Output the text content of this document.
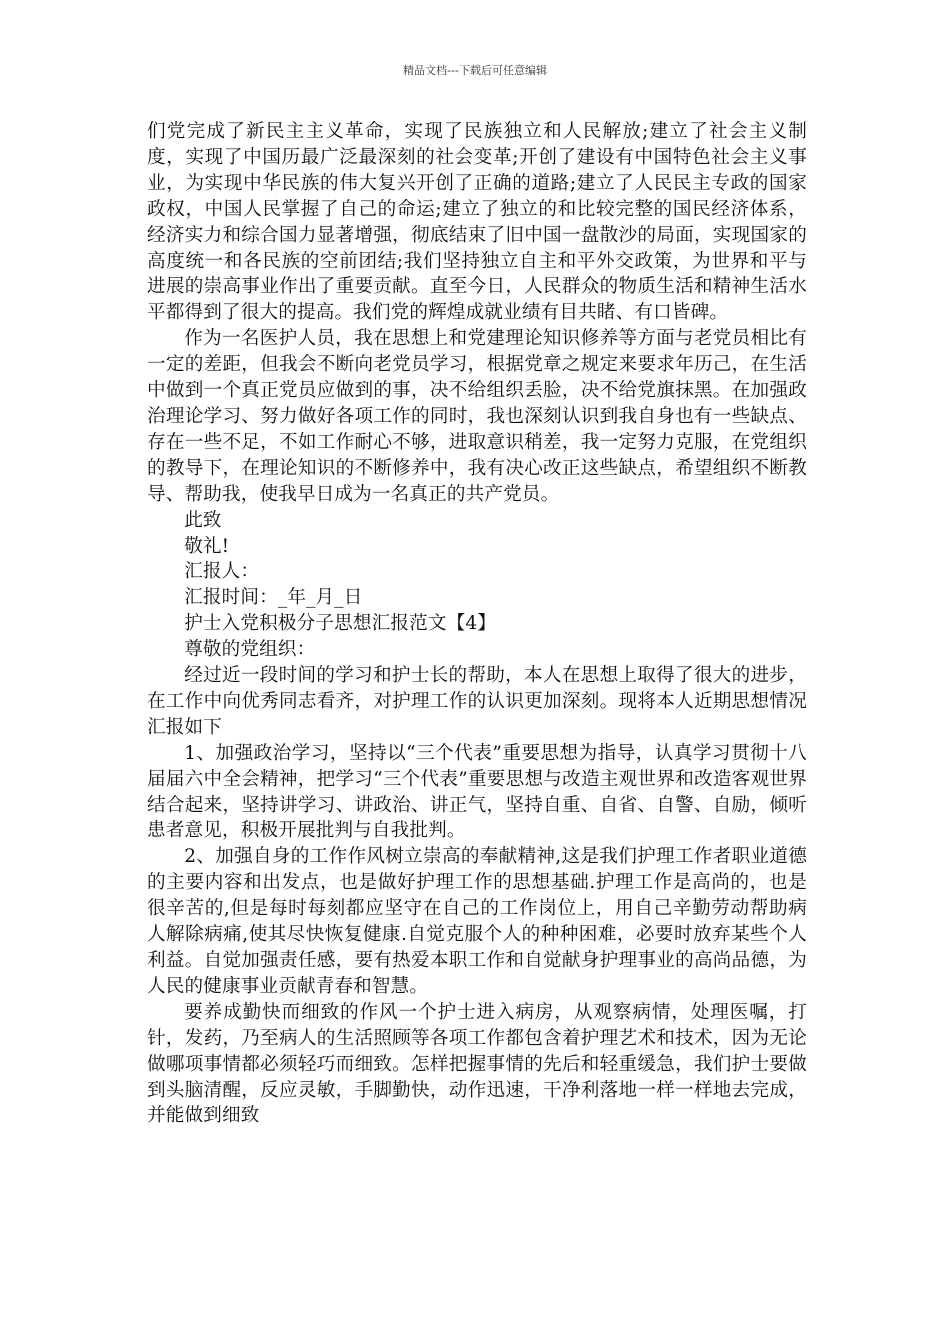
精品文档---下载后可任意编辑

们党完成了新民主主义革命，实现了民族独立和人民解放;建立了社会主义制度，实现了中国历最广泛最深刻的社会变革;开创了建设有中国特色社会主义事业，为实现中华民族的伟大复兴开创了正确的道路;建立了人民民主专政的国家政权，中国人民掌握了自己的命运;建立了独立的和比较完整的国民经济体系，经济实力和综合国力显著增强，彻底结束了旧中国一盘散沙的局面，实现国家的高度统一和各民族的空前团结;我们坚持独立自主和平外交政策，为世界和平与进展的崇高事业作出了重要贡献。直至今日，人民群众的物质生活和精神生活水平都得到了很大的提高。我们党的辉煌成就业绩有目共睹、有口皆碑。

作为一名医护人员，我在思想上和党建理论知识修养等方面与老党员相比有一定的差距，但我会不断向老党员学习，根据党章之规定来要求年历己，在生活中做到一个真正党员应做到的事，决不给组织丢脸，决不给党旗抹黑。在加强政治理论学习、努力做好各项工作的同时，我也深刻认识到我自身也有一些缺点、存在一些不足，不如工作耐心不够，进取意识稍差，我一定努力克服，在党组织的教导下，在理论知识的不断修养中，我有决心改正这些缺点，希望组织不断教导、帮助我，使我早日成为一名真正的共产党员。

此致

敬礼!

汇报人：

汇报时间：_年_月_日

护士入党积极分子思想汇报范文【4】

尊敬的党组织：

经过近一段时间的学习和护士长的帮助，本人在思想上取得了很大的进步，在工作中向优秀同志看齐，对护理工作的认识更加深刻。现将本人近期思想情况汇报如下

1、加强政治学习，坚持以“三个代表”重要思想为指导，认真学习贯彻十八届届六中全会精神，把学习“三个代表”重要思想与改造主观世界和改造客观世界结合起来，坚持讲学习、讲政治、讲正气，坚持自重、自省、自警、自励，倾听患者意见，积极开展批判与自我批判。

2、加强自身的工作作风树立崇高的奉献精神,这是我们护理工作者职业道德的主要内容和出发点，也是做好护理工作的思想基础.护理工作是高尚的，也是很辛苦的,但是每时每刻都应坚守在自己的工作岗位上，用自己辛勤劳动帮助病人解除病痛,使其尽快恢复健康.自觉克服个人的种种困难，必要时放弃某些个人利益。自觉加强责任感，要有热爱本职工作和自觉献身护理事业的高尚品德，为人民的健康事业贡献青春和智慧。

要养成勤快而细致的作风一个护士进入病房，从观察病情，处理医嘱，打针，发药，乃至病人的生活照顾等各项工作都包含着护理艺术和技术，因为无论做哪项事情都必须轻巧而细致。怎样把握事情的先后和轻重缓急，我们护士要做到头脑清醒，反应灵敏，手脚勤快，动作迅速，干净利落地一样一样地去完成，并能做到细致
